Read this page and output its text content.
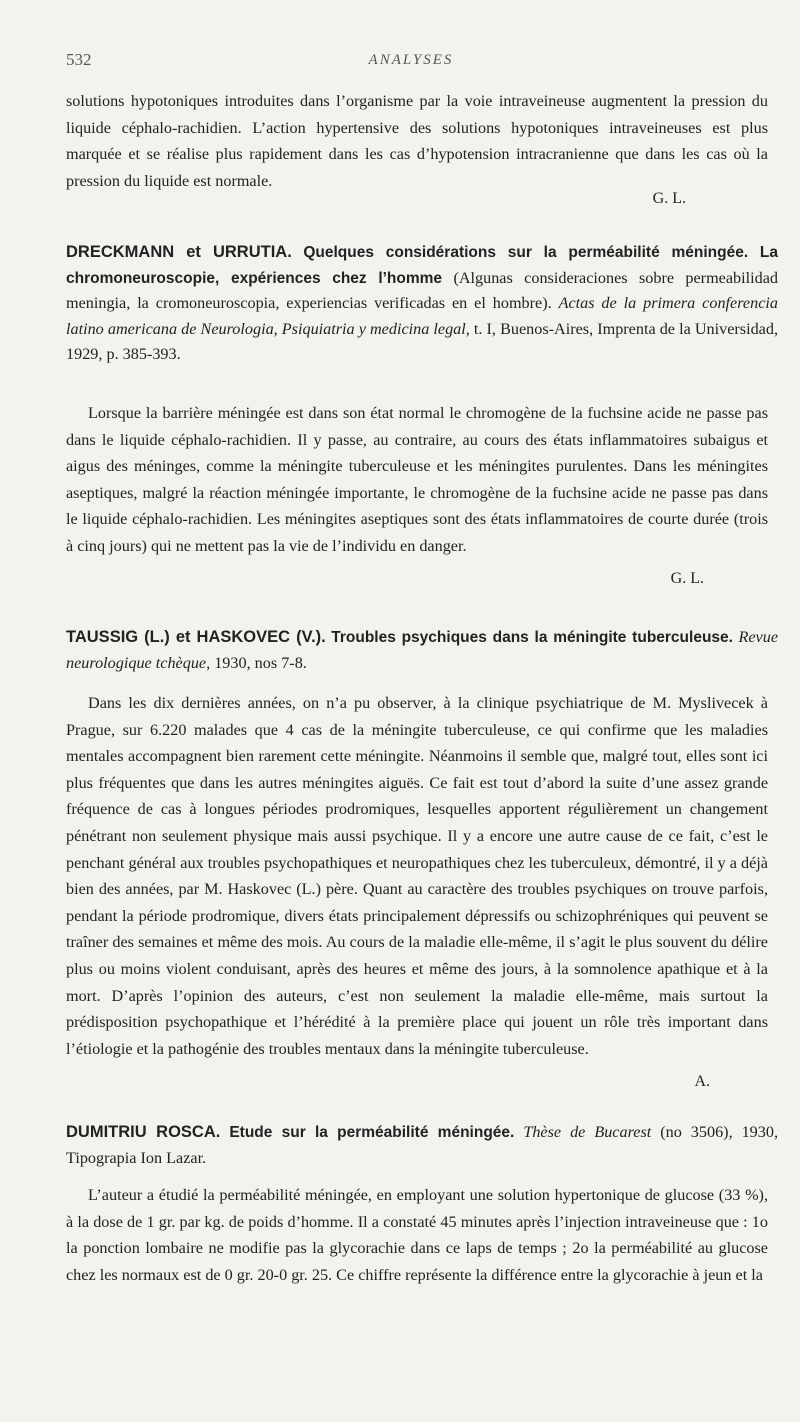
532	ANALYSES
solutions hypotoniques introduites dans l’organisme par la voie intraveineuse augmentent la pression du liquide céphalo-rachidien. L’action hypertensive des solutions hypotoniques intraveineuses est plus marquée et se réalise plus rapidement dans les cas d’hypotension intracranienne que dans les cas où la pression du liquide est normale.
G. L.
DRECKMANN et URRUTIA. Quelques considérations sur la perméabilité méningée. La chromoneuroscopie, expériences chez l’homme (Algunas consideraciones sobre permeabilidad meningia, la cromoneuroscopia, experiencias verificadas en el hombre). Actas de la primera conferencia latino americana de Neurologia, Psiquiatria y medicina legal, t. I, Buenos-Aires, Imprenta de la Universidad, 1929, p. 385-393.
Lorsque la barrière méningée est dans son état normal le chromogène de la fuchsine acide ne passe pas dans le liquide céphalo-rachidien. Il y passe, au contraire, au cours des états inflammatoires subaigus et aigus des méninges, comme la méningite tuberculeuse et les méningites purulentes. Dans les méningites aseptiques, malgré la réaction méningée importante, le chromogène de la fuchsine acide ne passe pas dans le liquide céphalo-rachidien. Les méningites aseptiques sont des états inflammatoires de courte durée (trois à cinq jours) qui ne mettent pas la vie de l’individu en danger.
G. L.
TAUSSIG (L.) et HASKOVEC (V.). Troubles psychiques dans la méningite tuberculeuse. Revue neurologique tchèque, 1930, nos 7-8.
Dans les dix dernières années, on n’a pu observer, à la clinique psychiatrique de M. Myslivecek à Prague, sur 6.220 malades que 4 cas de la méningite tuberculeuse, ce qui confirme que les maladies mentales accompagnent bien rarement cette méningite. Néanmoins il semble que, malgré tout, elles sont ici plus fréquentes que dans les autres méningites aiguës. Ce fait est tout d’abord la suite d’une assez grande fréquence de cas à longues périodes prodromiques, lesquelles apportent régulièrement un changement pénétrant non seulement physique mais aussi psychique. Il y a encore une autre cause de ce fait, c’est le penchant général aux troubles psychopathiques et neuropathiques chez les tuberculeux, démontré, il y a déjà bien des années, par M. Haskovec (L.) père. Quant au caractère des troubles psychiques on trouve parfois, pendant la période prodromique, divers états principalement dépressifs ou schizophréniques qui peuvent se traîner des semaines et même des mois. Au cours de la maladie elle-même, il s’agit le plus souvent du délire plus ou moins violent conduisant, après des heures et même des jours, à la somnolence apathique et à la mort. D’après l’opinion des auteurs, c’est non seulement la maladie elle-même, mais surtout la prédisposition psychopathique et l’hérédité à la première place qui jouent un rôle très important dans l’étiologie et la pathogénie des troubles mentaux dans la méningite tuberculeuse.
A.
DUMITRIU ROSCA. Etude sur la perméabilité méningée. Thèse de Bucarest (no 3506), 1930, Tipograpia Ion Lazar.
L’auteur a étudié la perméabilité méningée, en employant une solution hypertonique de glucose (33 %), à la dose de 1 gr. par kg. de poids d’homme. Il a constaté 45 minutes après l’injection intraveineuse que : 1o la ponction lombaire ne modifie pas la glycorachie dans ce laps de temps ; 2o la perméabilité au glucose chez les normaux est de 0 gr. 20-0 gr. 25. Ce chiffre représente la différence entre la glycorachie à jeun et la
